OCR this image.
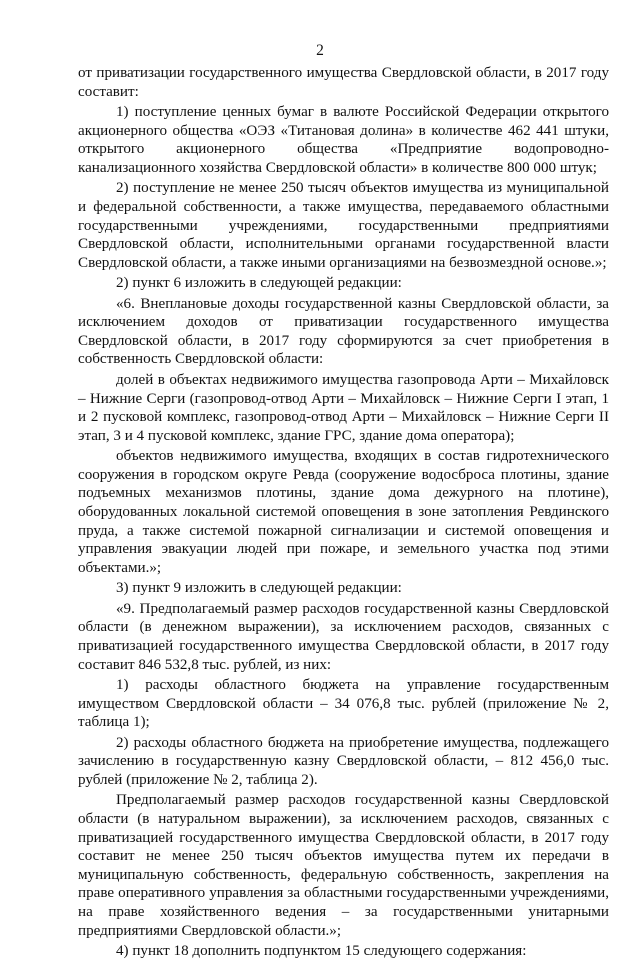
2

от приватизации государственного имущества Свердловской области, в 2017 году составит:

1) поступление ценных бумаг в валюте Российской Федерации открытого акционерного общества «ОЭЗ «Титановая долина» в количестве 462 441 штуки, открытого акционерного общества «Предприятие водопроводно-канализационного хозяйства Свердловской области» в количестве 800 000 штук;

2) поступление не менее 250 тысяч объектов имущества из муниципальной и федеральной собственности, а также имущества, передаваемого областными государственными учреждениями, государственными предприятиями Свердловской области, исполнительными органами государственной власти Свердловской области, а также иными организациями на безвозмездной основе.»;

2) пункт 6 изложить в следующей редакции:

«6. Внеплановые доходы государственной казны Свердловской области, за исключением доходов от приватизации государственного имущества Свердловской области, в 2017 году сформируются за счет приобретения в собственность Свердловской области:

долей в объектах недвижимого имущества газопровода Арти – Михайловск – Нижние Серги (газопровод-отвод Арти – Михайловск – Нижние Серги I этап, 1 и 2 пусковой комплекс, газопровод-отвод Арти – Михайловск – Нижние Серги II этап, 3 и 4 пусковой комплекс, здание ГРС, здание дома оператора);

объектов недвижимого имущества, входящих в состав гидротехнического сооружения в городском округе Ревда (сооружение водосброса плотины, здание подъемных механизмов плотины, здание дома дежурного на плотине), оборудованных локальной системой оповещения в зоне затопления Ревдинского пруда, а также системой пожарной сигнализации и системой оповещения и управления эвакуации людей при пожаре, и земельного участка под этими объектами.»;

3) пункт 9 изложить в следующей редакции:

«9. Предполагаемый размер расходов государственной казны Свердловской области (в денежном выражении), за исключением расходов, связанных с приватизацией государственного имущества Свердловской области, в 2017 году составит 846 532,8 тыс. рублей, из них:

1) расходы областного бюджета на управление государственным имуществом Свердловской области – 34 076,8 тыс. рублей (приложение № 2, таблица 1);

2) расходы областного бюджета на приобретение имущества, подлежащего зачислению в государственную казну Свердловской области, – 812 456,0 тыс. рублей (приложение № 2, таблица 2).

Предполагаемый размер расходов государственной казны Свердловской области (в натуральном выражении), за исключением расходов, связанных с приватизацией государственного имущества Свердловской области, в 2017 году составит не менее 250 тысяч объектов имущества путем их передачи в муниципальную собственность, федеральную собственность, закрепления на праве оперативного управления за областными государственными учреждениями, на праве хозяйственного ведения – за государственными унитарными предприятиями Свердловской области.»;

4) пункт 18 дополнить подпунктом 15 следующего содержания:
